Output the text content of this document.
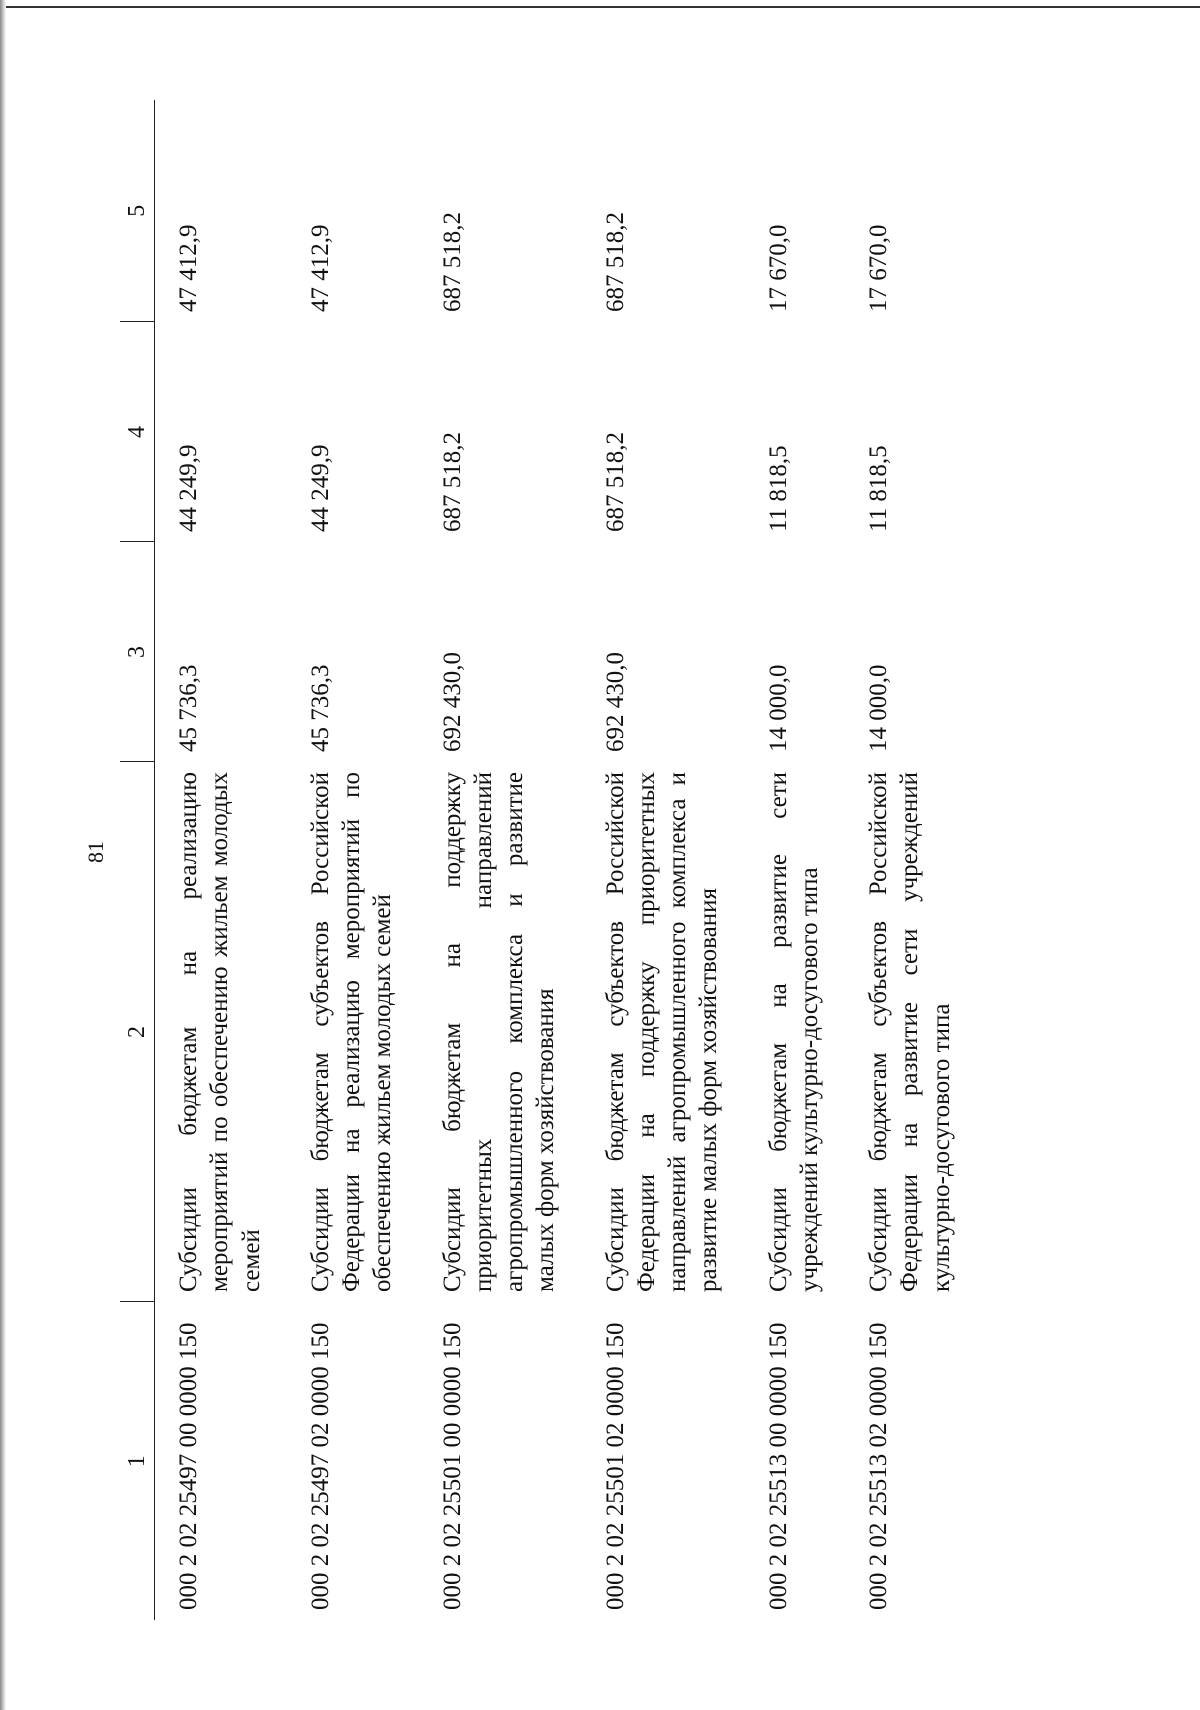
81
1	2	3	4	5
000 2 02 25497 00 0000 150	Субсидии бюджетам на реализацию мероприятий по обеспечению жильем молодых семей	45 736,3	44 249,9	47 412,9
000 2 02 25497 02 0000 150	Субсидии бюджетам субъектов Российской Федерации на реализацию мероприятий по обеспечению жильем молодых семей	45 736,3	44 249,9	47 412,9
000 2 02 25501 00 0000 150	Субсидии бюджетам на поддержку приоритетных направлений агропромышленного комплекса и развитие малых форм хозяйствования	692 430,0	687 518,2	687 518,2
000 2 02 25501 02 0000 150	Субсидии бюджетам субъектов Российской Федерации на поддержку приоритетных направлений агропромышленного комплекса и развитие малых форм хозяйствования	692 430,0	687 518,2	687 518,2
000 2 02 25513 00 0000 150	Субсидии бюджетам на развитие сети учреждений культурно-досугового типа	14 000,0	11 818,5	17 670,0
000 2 02 25513 02 0000 150	Субсидии бюджетам субъектов Российской Федерации на развитие сети учреждений культурно-досугового типа	14 000,0	11 818,5	17 670,0
